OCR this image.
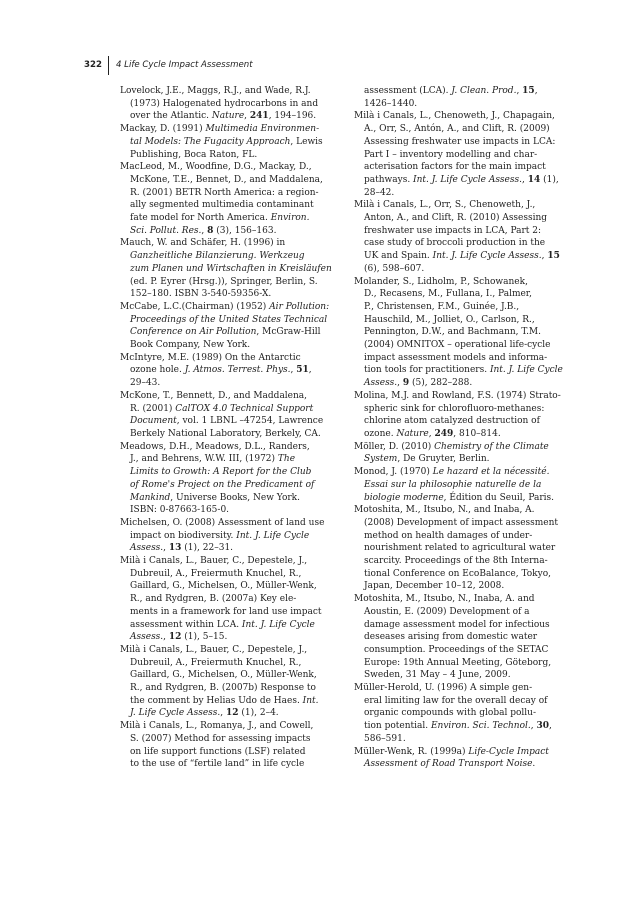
322 4 Life Cycle Impact Assessment

Lovelock, J.E., Maggs, R.J., and Wade, R.J.
(1973) Halogenated hydrocarbons in and
over the Atlantic. Nature, 241, 194–196.

Mackay, D. (1991) Multimedia Environmen-
tal Models: The Fugacity Approach, Lewis
Publishing, Boca Raton, FL.

MacLeod, M., Woodfine, D.G., Mackay, D.,
McKone, T.E., Bennet, D., and Maddalena,
R. (2001) BETR North America: a region-
ally segmented multimedia contaminant
fate model for North America. Environ.
Sci. Pollut. Res., 8 (3), 156–163.

Mauch, W. and Schäfer, H. (1996) in
Ganzheitliche Bilanzierung. Werkzeug
zum Planen und Wirtschaften in Kreisläufen
(ed. P. Eyrer (Hrsg.)), Springer, Berlin, S.
152–180. ISBN 3-540-59356-X.

McCabe, L.C.(Chairman) (1952) Air Pollution:
Proceedings of the United States Technical
Conference on Air Pollution, McGraw-Hill
Book Company, New York.

McIntyre, M.E. (1989) On the Antarctic
ozone hole. J. Atmos. Terrest. Phys., 51,
29–43.

McKone, T., Bennett, D., and Maddalena,
R. (2001) CalTOX 4.0 Technical Support
Document, vol. 1 LBNL –47254, Lawrence
Berkely National Laboratory, Berkely, CA.

Meadows, D.H., Meadows, D.L., Randers,
J., and Behrens, W.W. III, (1972) The
Limits to Growth: A Report for the Club
of Rome's Project on the Predicament of
Mankind, Universe Books, New York.
ISBN: 0-87663-165-0.

Michelsen, O. (2008) Assessment of land use
impact on biodiversity. Int. J. Life Cycle
Assess., 13 (1), 22–31.

Milà i Canals, L., Bauer, C., Depestele, J.,
Dubreuil, A., Freiermuth Knuchel, R.,
Gaillard, G., Michelsen, O., Müller-Wenk,
R., and Rydgren, B. (2007a) Key ele-
ments in a framework for land use impact
assessment within LCA. Int. J. Life Cycle
Assess., 12 (1), 5–15.

Milà i Canals, L., Bauer, C., Depestele, J.,
Dubreuil, A., Freiermuth Knuchel, R.,
Gaillard, G., Michelsen, O., Müller-Wenk,
R., and Rydgren, B. (2007b) Response to
the comment by Helias Udo de Haes. Int.
J. Life Cycle Assess., 12 (1), 2–4.

Milà i Canals, L., Romanya, J., and Cowell,
S. (2007) Method for assessing impacts
on life support functions (LSF) related
to the use of “fertile land” in life cycle

assessment (LCA). J. Clean. Prod., 15,
1426–1440.

Milà i Canals, L., Chenoweth, J., Chapagain,
A., Orr, S., Antón, A., and Clift, R. (2009)
Assessing freshwater use impacts in LCA:
Part I – inventory modelling and char-
acterisation factors for the main impact
pathways. Int. J. Life Cycle Assess., 14 (1),
28–42.

Milà i Canals, L., Orr, S., Chenoweth, J.,
Anton, A., and Clift, R. (2010) Assessing
freshwater use impacts in LCA, Part 2:
case study of broccoli production in the
UK and Spain. Int. J. Life Cycle Assess., 15
(6), 598–607.

Molander, S., Lidholm, P., Schowanek,
D., Recasens, M., Fullana, I., Palmer,
P., Christensen, F.M., Guinée, J.B.,
Hauschild, M., Jolliet, O., Carlson, R.,
Pennington, D.W., and Bachmann, T.M.
(2004) OMNITOX – operational life-cycle
impact assessment models and informa-
tion tools for practitioners. Int. J. Life Cycle
Assess., 9 (5), 282–288.

Molina, M.J. and Rowland, F.S. (1974) Strato-
spheric sink for chlorofluoro-methanes:
chlorine atom catalyzed destruction of
ozone. Nature, 249, 810–814.

Möller, D. (2010) Chemistry of the Climate
System, De Gruyter, Berlin.

Monod, J. (1970) Le hazard et la nécessité.
Essai sur la philosophie naturelle de la
biologie moderne, Édition du Seuil, Paris.

Motoshita, M., Itsubo, N., and Inaba, A.
(2008) Development of impact assessment
method on health damages of under-
nourishment related to agricultural water
scarcity. Proceedings of the 8th Interna-
tional Conference on EcoBalance, Tokyo,
Japan, December 10–12, 2008.

Motoshita, M., Itsubo, N., Inaba, A. and
Aoustin, E. (2009) Development of a
damage assessment model for infectious
deseases arising from domestic water
consumption. Proceedings of the SETAC
Europe: 19th Annual Meeting, Göteborg,
Sweden, 31 May – 4 June, 2009.

Müller-Herold, U. (1996) A simple gen-
eral limiting law for the overall decay of
organic compounds with global pollu-
tion potential. Environ. Sci. Technol., 30,
586–591.

Müller-Wenk, R. (1999a) Life-Cycle Impact
Assessment of Road Transport Noise.
